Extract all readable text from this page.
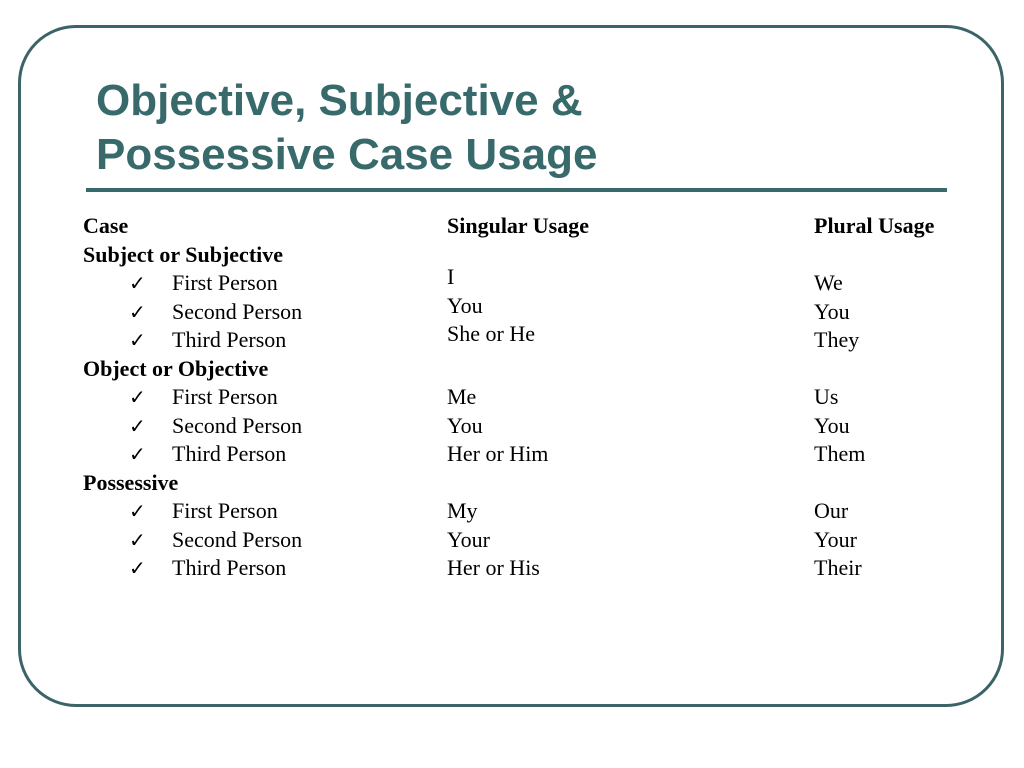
Objective, Subjective &
Possessive Case Usage
Case
Subject or Subjective
✓ First Person
✓ Second Person
✓ Third Person
Object or Objective
✓ First Person
✓ Second Person
✓ Third Person
Possessive
✓ First Person
✓ Second Person
✓ Third Person
Singular Usage
I
You
She or He
Me
You
Her or Him
My
Your
Her or His
Plural Usage
We
You
They
Us
You
Them
Our
Your
Their
